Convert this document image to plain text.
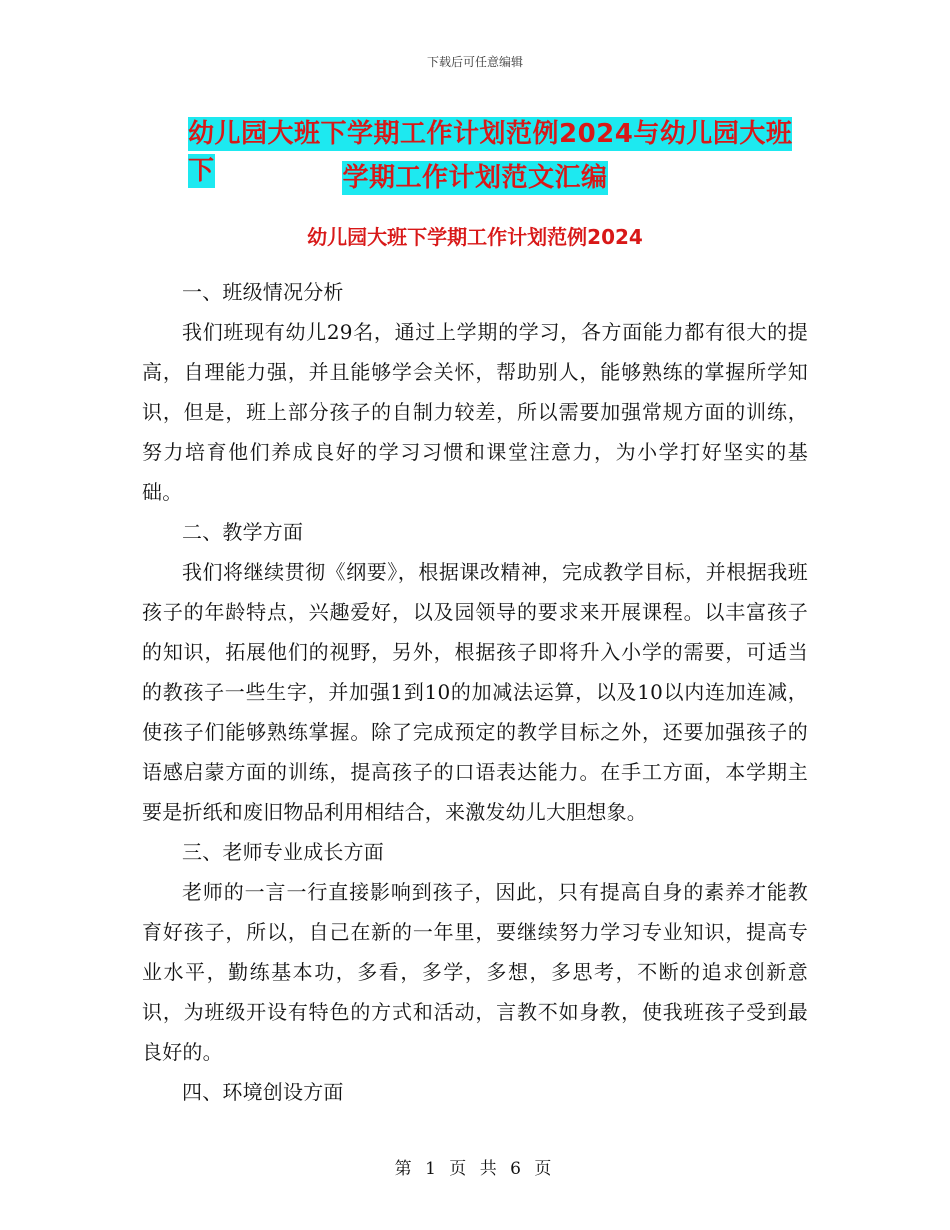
下载后可任意编辑
幼儿园大班下学期工作计划范例2024与幼儿园大班下	学期工作计划范文汇编
幼儿园大班下学期工作计划范例2024

一、班级情况分析

我们班现有幼儿29名，通过上学期的学习，各方面能力都有很大的提高，自理能力强，并且能够学会关怀，帮助别人，能够熟练的掌握所学知识，但是，班上部分孩子的自制力较差，所以需要加强常规方面的训练，努力培育他们养成良好的学习习惯和课堂注意力，为小学打好坚实的基础。

二、教学方面

我们将继续贯彻《纲要》，根据课改精神，完成教学目标，并根据我班孩子的年龄特点，兴趣爱好，以及园领导的要求来开展课程。以丰富孩子的知识，拓展他们的视野，另外，根据孩子即将升入小学的需要，可适当的教孩子一些生字，并加强1到10的加减法运算，以及10以内连加连减，使孩子们能够熟练掌握。除了完成预定的教学目标之外，还要加强孩子的语感启蒙方面的训练，提高孩子的口语表达能力。在手工方面，本学期主要是折纸和废旧物品利用相结合，来激发幼儿大胆想象。

三、老师专业成长方面

老师的一言一行直接影响到孩子，因此，只有提高自身的素养才能教育好孩子，所以，自己在新的一年里，要继续努力学习专业知识，提高专业水平，勤练基本功，多看，多学，多想，多思考，不断的追求创新意识，为班级开设有特色的方式和活动，言教不如身教，使我班孩子受到最良好的。

四、环境创设方面

第 1 页 共 6 页
